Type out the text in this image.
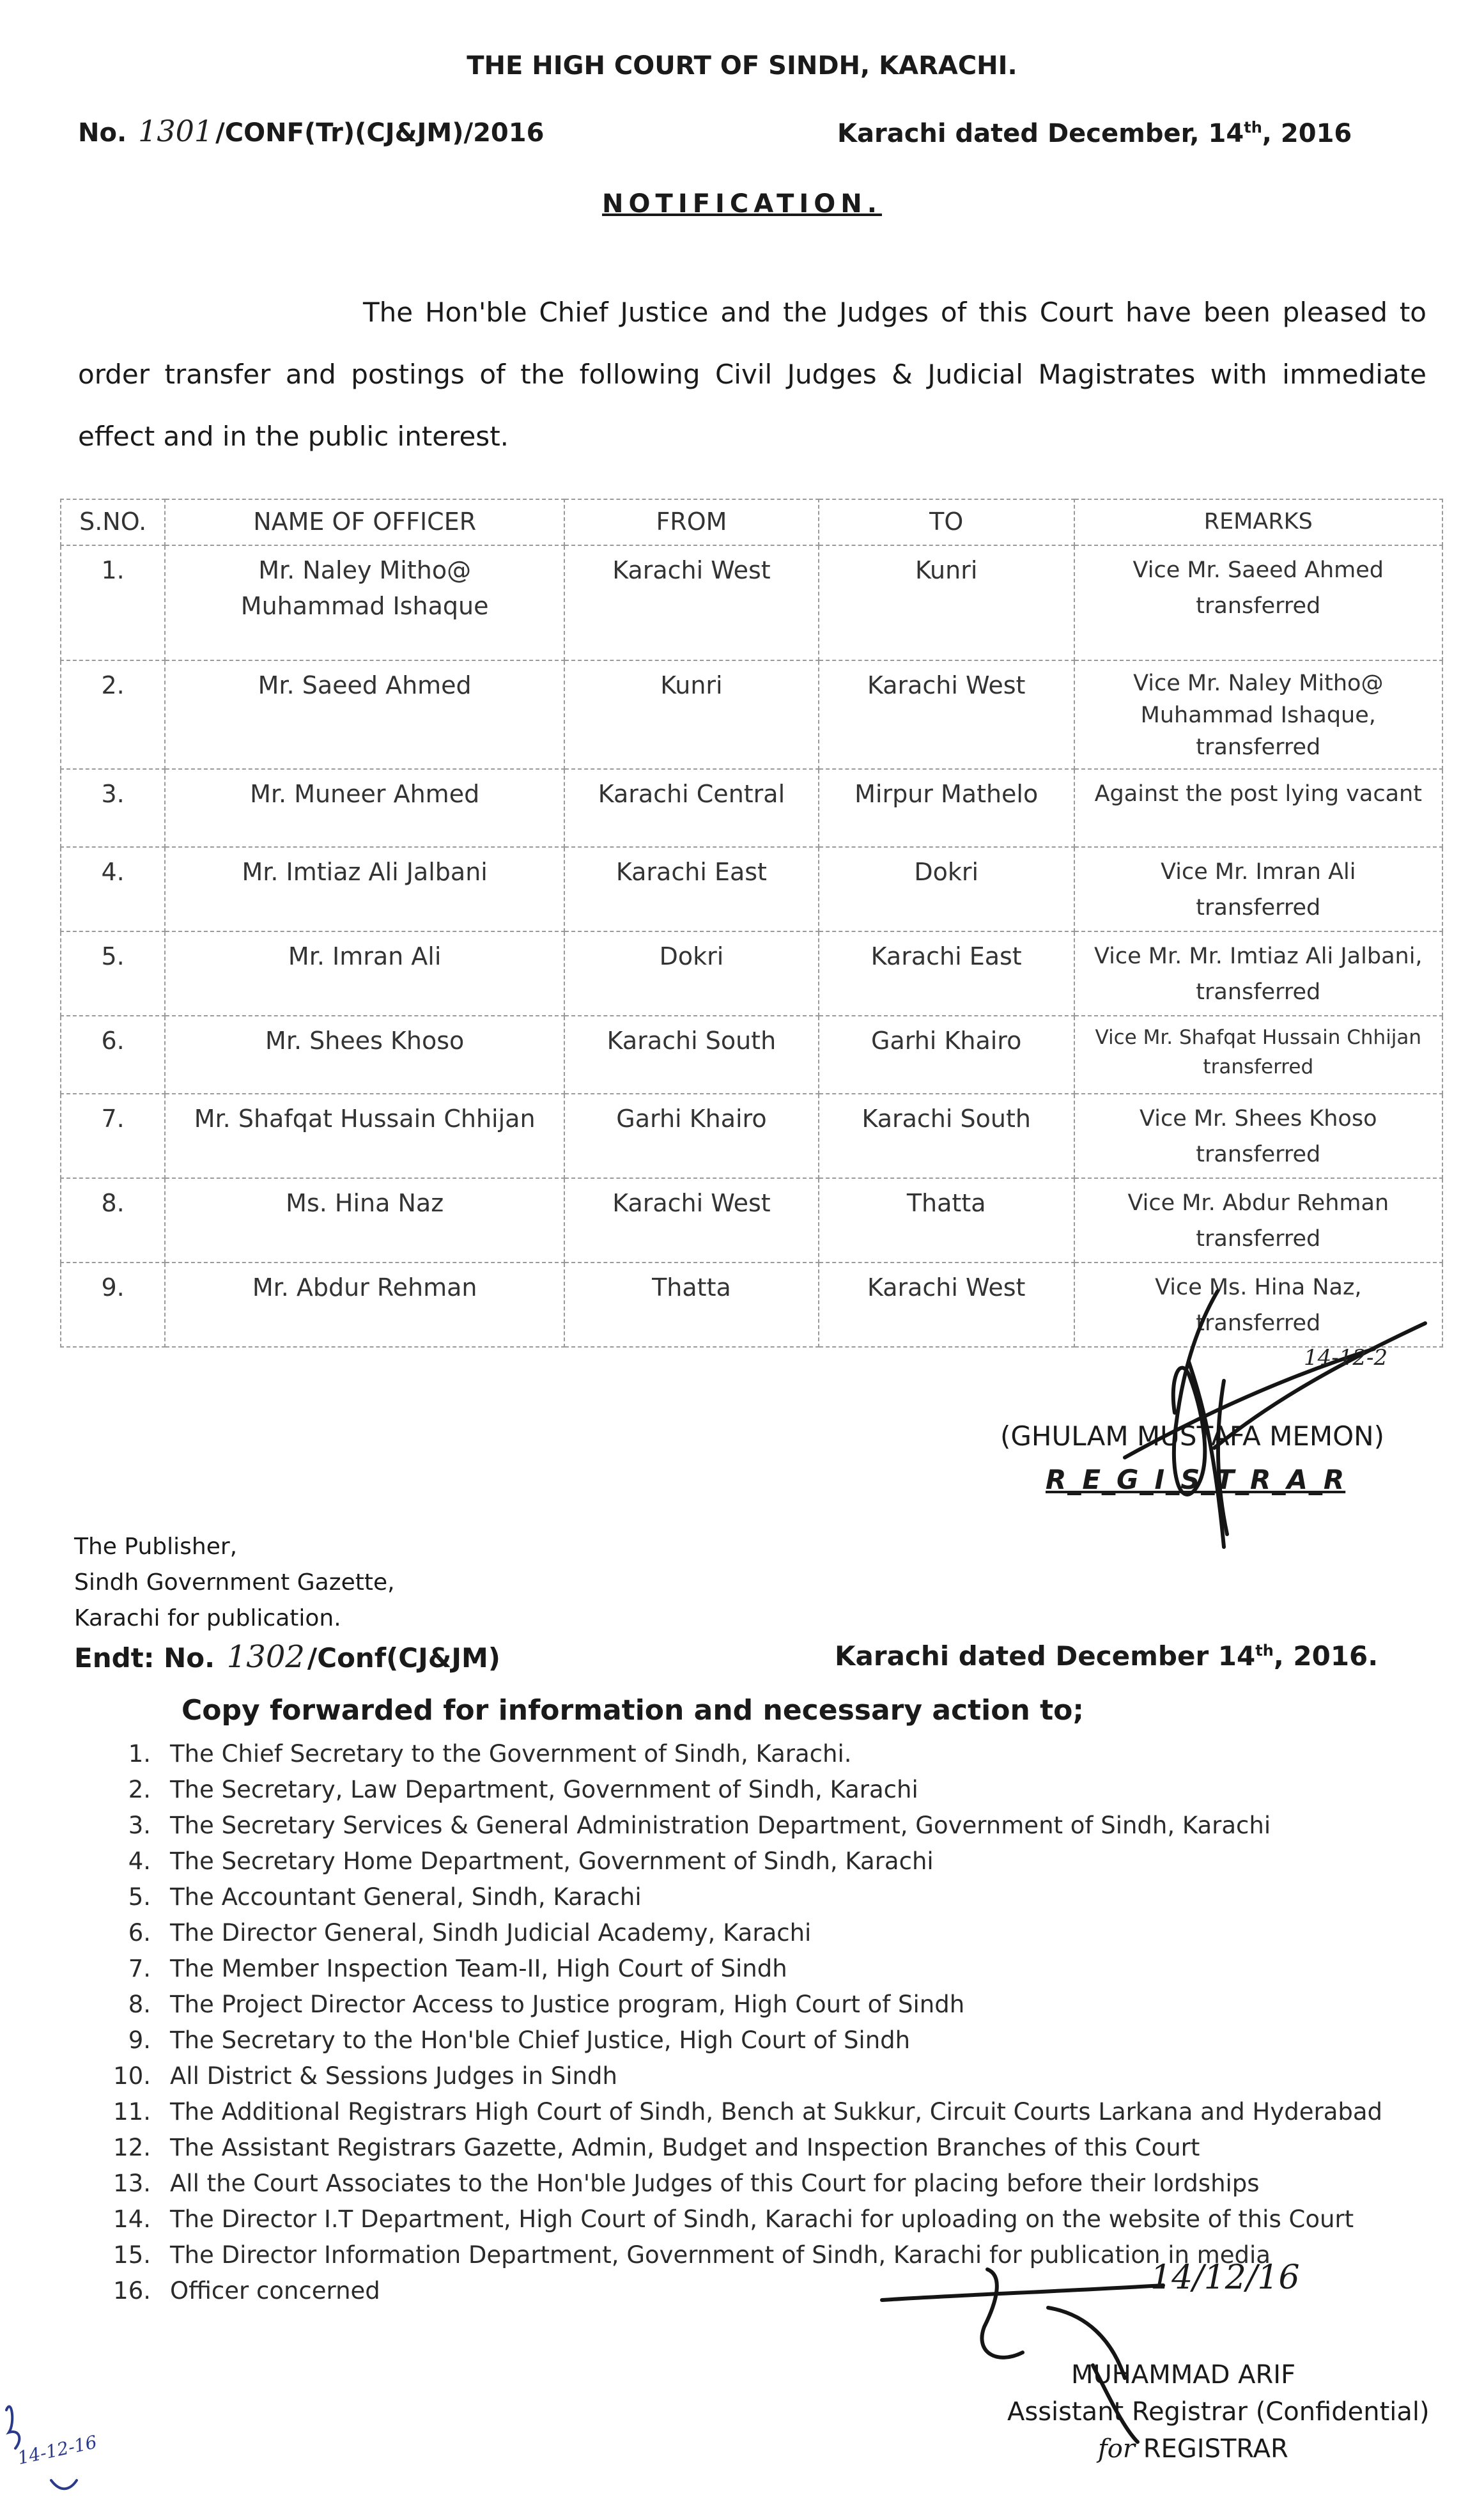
THE HIGH COURT OF SINDH, KARACHI.
No. 1301 /CONF(Tr)(CJ&JM)/2016	Karachi dated December, 14th, 2016
NOTIFICATION.
The Hon'ble Chief Justice and the Judges of this Court have been pleased to order transfer and postings of the following Civil Judges & Judicial Magistrates with immediate effect and in the public interest.
S.NO.	NAME OF OFFICER	FROM	TO	REMARKS
1.	Mr. Naley Mitho@ Muhammad Ishaque	Karachi West	Kunri	Vice Mr. Saeed Ahmed transferred
2.	Mr. Saeed Ahmed	Kunri	Karachi West	Vice Mr. Naley Mitho@ Muhammad Ishaque, transferred
3.	Mr. Muneer Ahmed	Karachi Central	Mirpur Mathelo	Against the post lying vacant
4.	Mr. Imtiaz Ali Jalbani	Karachi East	Dokri	Vice Mr. Imran Ali transferred
5.	Mr. Imran Ali	Dokri	Karachi East	Vice Mr. Mr. Imtiaz Ali Jalbani, transferred
6.	Mr. Shees Khoso	Karachi South	Garhi Khairo	Vice Mr. Shafqat Hussain Chhijan transferred
7.	Mr. Shafqat Hussain Chhijan	Garhi Khairo	Karachi South	Vice Mr. Shees Khoso transferred
8.	Ms. Hina Naz	Karachi West	Thatta	Vice Mr. Abdur Rehman transferred
9.	Mr. Abdur Rehman	Thatta	Karachi West	Vice Ms. Hina Naz, transferred
(GHULAM MUSTAFA MEMON)
R_E_G_I_S_T_R_A_R
The Publisher,
Sindh Government Gazette,
Karachi for publication.
Endt: No. 1302/Conf(CJ&JM)	Karachi dated December 14th, 2016.
Copy forwarded for information and necessary action to;
1. The Chief Secretary to the Government of Sindh, Karachi.
2. The Secretary, Law Department, Government of Sindh, Karachi
3. The Secretary Services & General Administration Department, Government of Sindh, Karachi
4. The Secretary Home Department, Government of Sindh, Karachi
5. The Accountant General, Sindh, Karachi
6. The Director General, Sindh Judicial Academy, Karachi
7. The Member Inspection Team-II, High Court of Sindh
8. The Project Director Access to Justice program, High Court of Sindh
9. The Secretary to the Hon'ble Chief Justice, High Court of Sindh
10. All District & Sessions Judges in Sindh
11. The Additional Registrars High Court of Sindh, Bench at Sukkur, Circuit Courts Larkana and Hyderabad
12. The Assistant Registrars Gazette, Admin, Budget and Inspection Branches of this Court
13. All the Court Associates to the Hon'ble Judges of this Court for placing before their lordships
14. The Director I.T Department, High Court of Sindh, Karachi for uploading on the website of this Court
15. The Director Information Department, Government of Sindh, Karachi for publication in media
16. Officer concerned
MUHAMMAD ARIF
Assistant Registrar (Confidential)
for REGISTRAR
14-12-2
14/12/16
14-12-16
